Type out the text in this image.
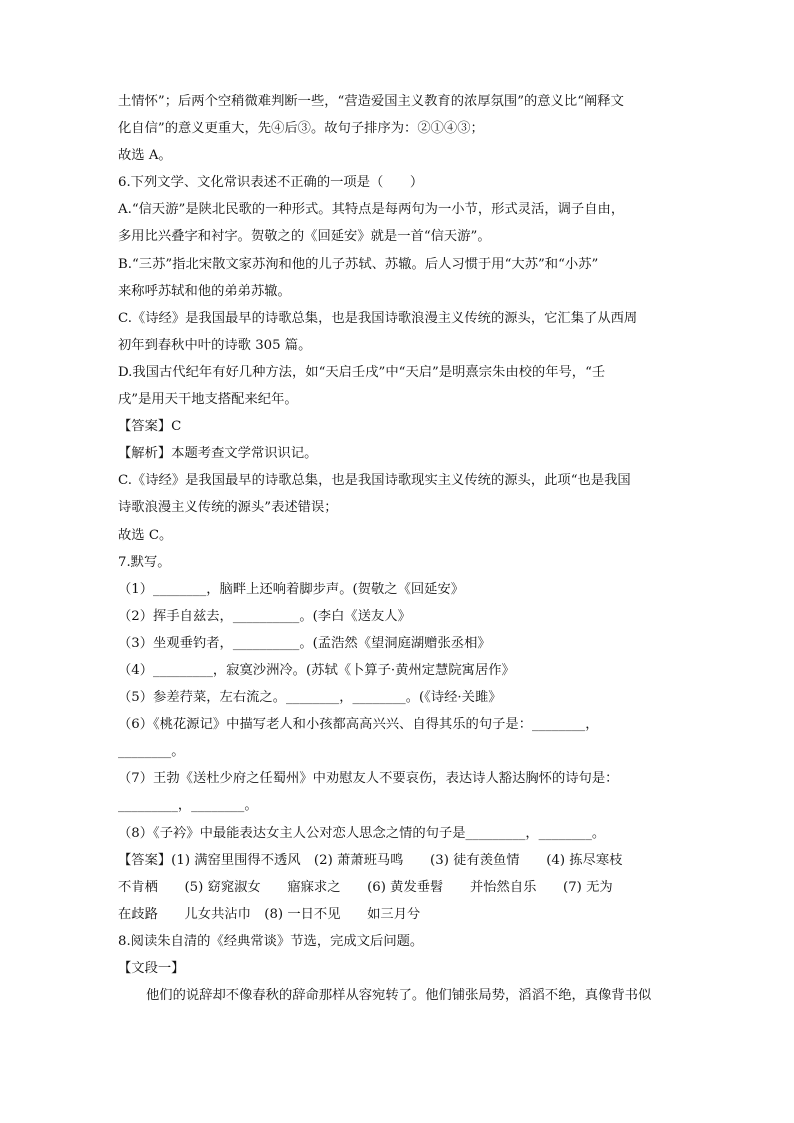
土情怀”；后两个空稍微难判断一些，“营造爱国主义教育的浓厚氛围”的意义比“阐释文
化自信”的意义更重大，先④后③。故句子排序为：②①④③；
故选 A。
6.下列文学、文化常识表述不正确的一项是（　　）
A.“信天游”是陕北民歌的一种形式。其特点是每两句为一小节，形式灵活，调子自由，
多用比兴叠字和衬字。贺敬之的《回延安》就是一首“信天游”。
B.“三苏”指北宋散文家苏洵和他的儿子苏轼、苏辙。后人习惯于用“大苏”和“小苏”
来称呼苏轼和他的弟弟苏辙。
C.《诗经》是我国最早的诗歌总集，也是我国诗歌浪漫主义传统的源头，它汇集了从西周
初年到春秋中叶的诗歌 305 篇。
D.我国古代纪年有好几种方法，如“天启壬戌”中“天启”是明熹宗朱由校的年号，“壬
戌”是用天干地支搭配来纪年。
【答案】C
【解析】本题考查文学常识识记。
C.《诗经》是我国最早的诗歌总集，也是我国诗歌现实主义传统的源头，此项“也是我国
诗歌浪漫主义传统的源头”表述错误；
故选 C。
7.默写。
（1）________，脑畔上还响着脚步声。(贺敬之《回延安》
（2）挥手自兹去，__________。(李白《送友人》
（3）坐观垂钓者，__________。(孟浩然《望洞庭湖赠张丞相》
（4）_________，寂寞沙洲冷。(苏轼《卜算子·黄州定慧院寓居作》
（5）参差荇菜，左右流之。________，________。(《诗经·关雎》
（6）《桃花源记》中描写老人和小孩都高高兴兴、自得其乐的句子是：________，
________。
（7）王勃《送杜少府之任蜀州》中劝慰友人不要哀伤，表达诗人豁达胸怀的诗句是：
_________，________。
（8）《子衿》中最能表达女主人公对恋人思念之情的句子是_________，________。
【答案】(1) 满窑里围得不透风　(2) 萧萧班马鸣　　(3) 徒有羡鱼情　　(4) 拣尽寒枝
不肯栖　　(5) 窈窕淑女　　寤寐求之　　(6) 黄发垂髫　　并怡然自乐　　(7) 无为
在歧路　　儿女共沾巾　(8) 一日不见　　如三月兮
8.阅读朱自清的《经典常谈》节选，完成文后问题。
【文段一】
他们的说辞却不像春秋的辞命那样从容宛转了。他们铺张局势，滔滔不绝，真像背书似
